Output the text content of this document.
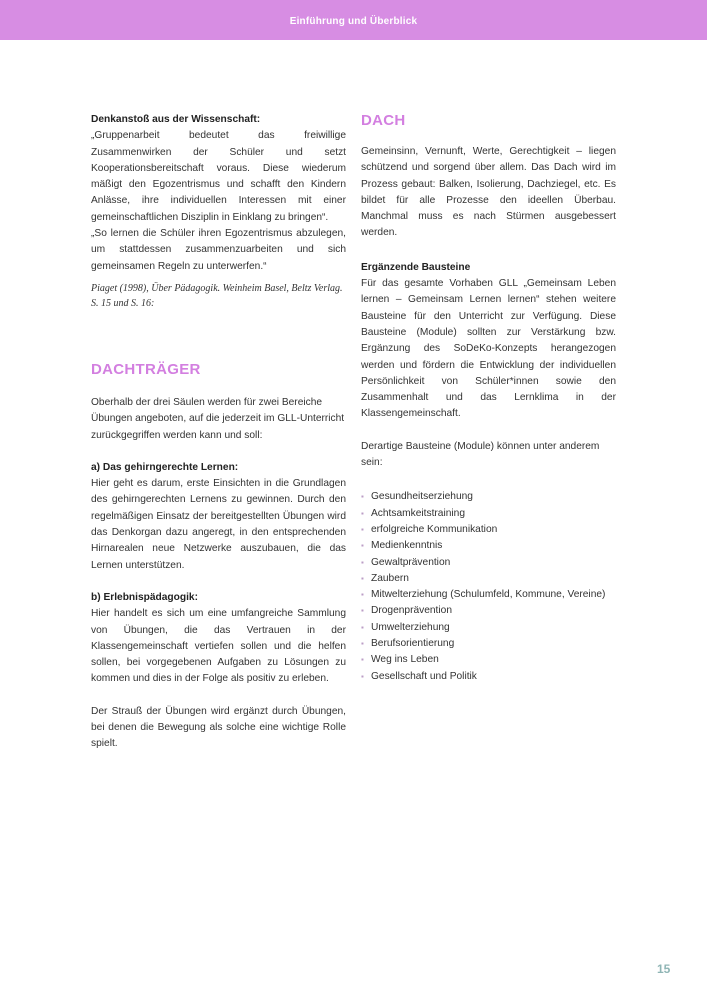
Einführung und Überblick

Denkanstoß aus der Wissenschaft:

„Gruppenarbeit bedeutet das freiwillige Zusammenwirken der Schüler und setzt Kooperationsbereitschaft voraus. Diese wiederum mäßigt den Egozentrismus und schafft den Kindern Anlässe, ihre individuellen Interessen mit einer gemeinschaftlichen Disziplin in Einklang zu bringen“.

„So lernen die Schüler ihren Egozentrismus abzulegen, um stattdessen zusammenzuarbeiten und sich gemeinsamen Regeln zu unterwerfen.“

Piaget (1998), Über Pädagogik. Weinheim Basel, Beltz Verlag. S. 15 und S. 16:

DACHTRÄGER

Oberhalb der drei Säulen werden für zwei Bereiche Übungen angeboten, auf die jederzeit im GLL-Unterricht zurückgegriffen werden kann und soll:

a) Das gehirngerechte Lernen:

Hier geht es darum, erste Einsichten in die Grundlagen des gehirngerechten Lernens zu gewinnen. Durch den regelmäßigen Einsatz der bereitgestellten Übungen wird das Denkorgan dazu angeregt, in den entsprechenden Hirnarealen neue Netzwerke auszubauen, die das Lernen unterstützen.

b) Erlebnispädagogik:

Hier handelt es sich um eine umfangreiche Sammlung von Übungen, die das Vertrauen in der Klassengemeinschaft vertiefen sollen und die helfen sollen, bei vorgegebenen Aufgaben zu Lösungen zu kommen und dies in der Folge als positiv zu erleben.

Der Strauß der Übungen wird ergänzt durch Übungen, bei denen die Bewegung als solche eine wichtige Rolle spielt.

DACH

Gemeinsinn, Vernunft, Werte, Gerechtigkeit – liegen schützend und sorgend über allem. Das Dach wird im Prozess gebaut: Balken, Isolierung, Dachziegel, etc. Es bildet für alle Prozesse den ideellen Überbau. Manchmal muss es nach Stürmen ausgebessert werden.

Ergänzende Bausteine

Für das gesamte Vorhaben GLL „Gemeinsam Leben lernen – Gemeinsam Lernen lernen“ stehen weitere Bausteine für den Unterricht zur Verfügung. Diese Bausteine (Module) sollten zur Verstärkung bzw. Ergänzung des SoDeKo-Konzepts herangezogen werden und fördern die Entwicklung der individuellen Persönlichkeit von Schüler*innen sowie den Zusammenhalt und das Lernklima in der Klassengemeinschaft.

Derartige Bausteine (Module) können unter anderem sein:

▪ Gesundheitserziehung
▪ Achtsamkeitstraining
▪ erfolgreiche Kommunikation
▪ Medienkenntnis
▪ Gewaltprävention
▪ Zaubern
▪ Mitwelterziehung (Schulumfeld, Kommune, Vereine)
▪ Drogenprävention
▪ Umwelterziehung
▪ Berufsorientierung
▪ Weg ins Leben
▪ Gesellschaft und Politik
15
